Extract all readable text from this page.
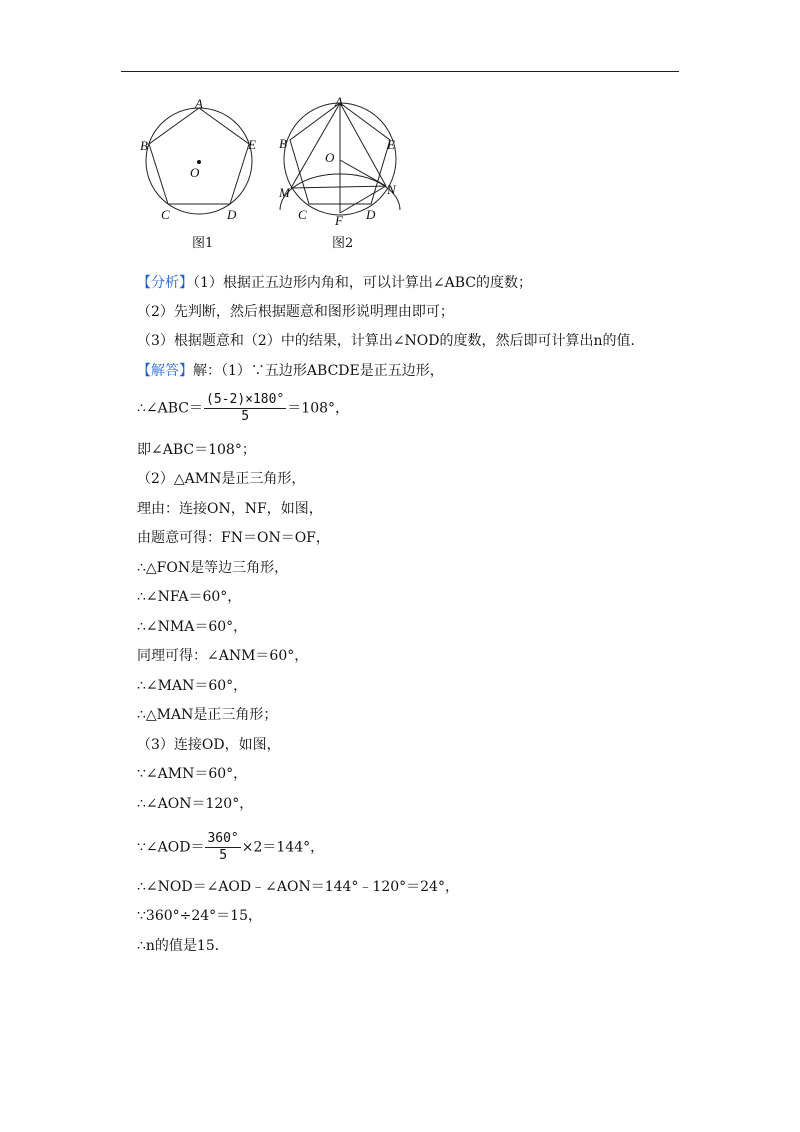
A
B	E
O
C	D
图1
A
B	E
O
M	N
C F D
图2
【分析】（1）根据正五边形内角和，可以计算出∠ABC的度数；
（2）先判断，然后根据题意和图形说明理由即可；
（3）根据题意和（2）中的结果，计算出∠NOD的度数，然后即可计算出n的值．
【解答】解：（1）∵五边形ABCDE是正五边形，
∴∠ABC＝ $\frac{(5-2)\times 180^\circ}{5} =108^\circ$，
即∠ABC＝108°；
（2）△AMN是正三角形，
理由：连接ON，NF，如图，
由题意可得：FN＝ON＝OF，
∴△FON是等边三角形，
∴∠NFA＝60°，
∴∠NMA＝60°，
同理可得：∠ANM＝60°，
∴∠MAN＝60°，
∴△MAN是正三角形；
（3）连接OD，如图，
∵∠AMN＝60°，
∴∠AON＝120°，
∵∠AOD＝ $\frac{360^\circ}{5} \times 2=144^\circ$，
∴∠NOD＝∠AOD﹣∠AON＝144°﹣120°＝24°，
∵360°÷24°＝15，
∴n的值是15．
